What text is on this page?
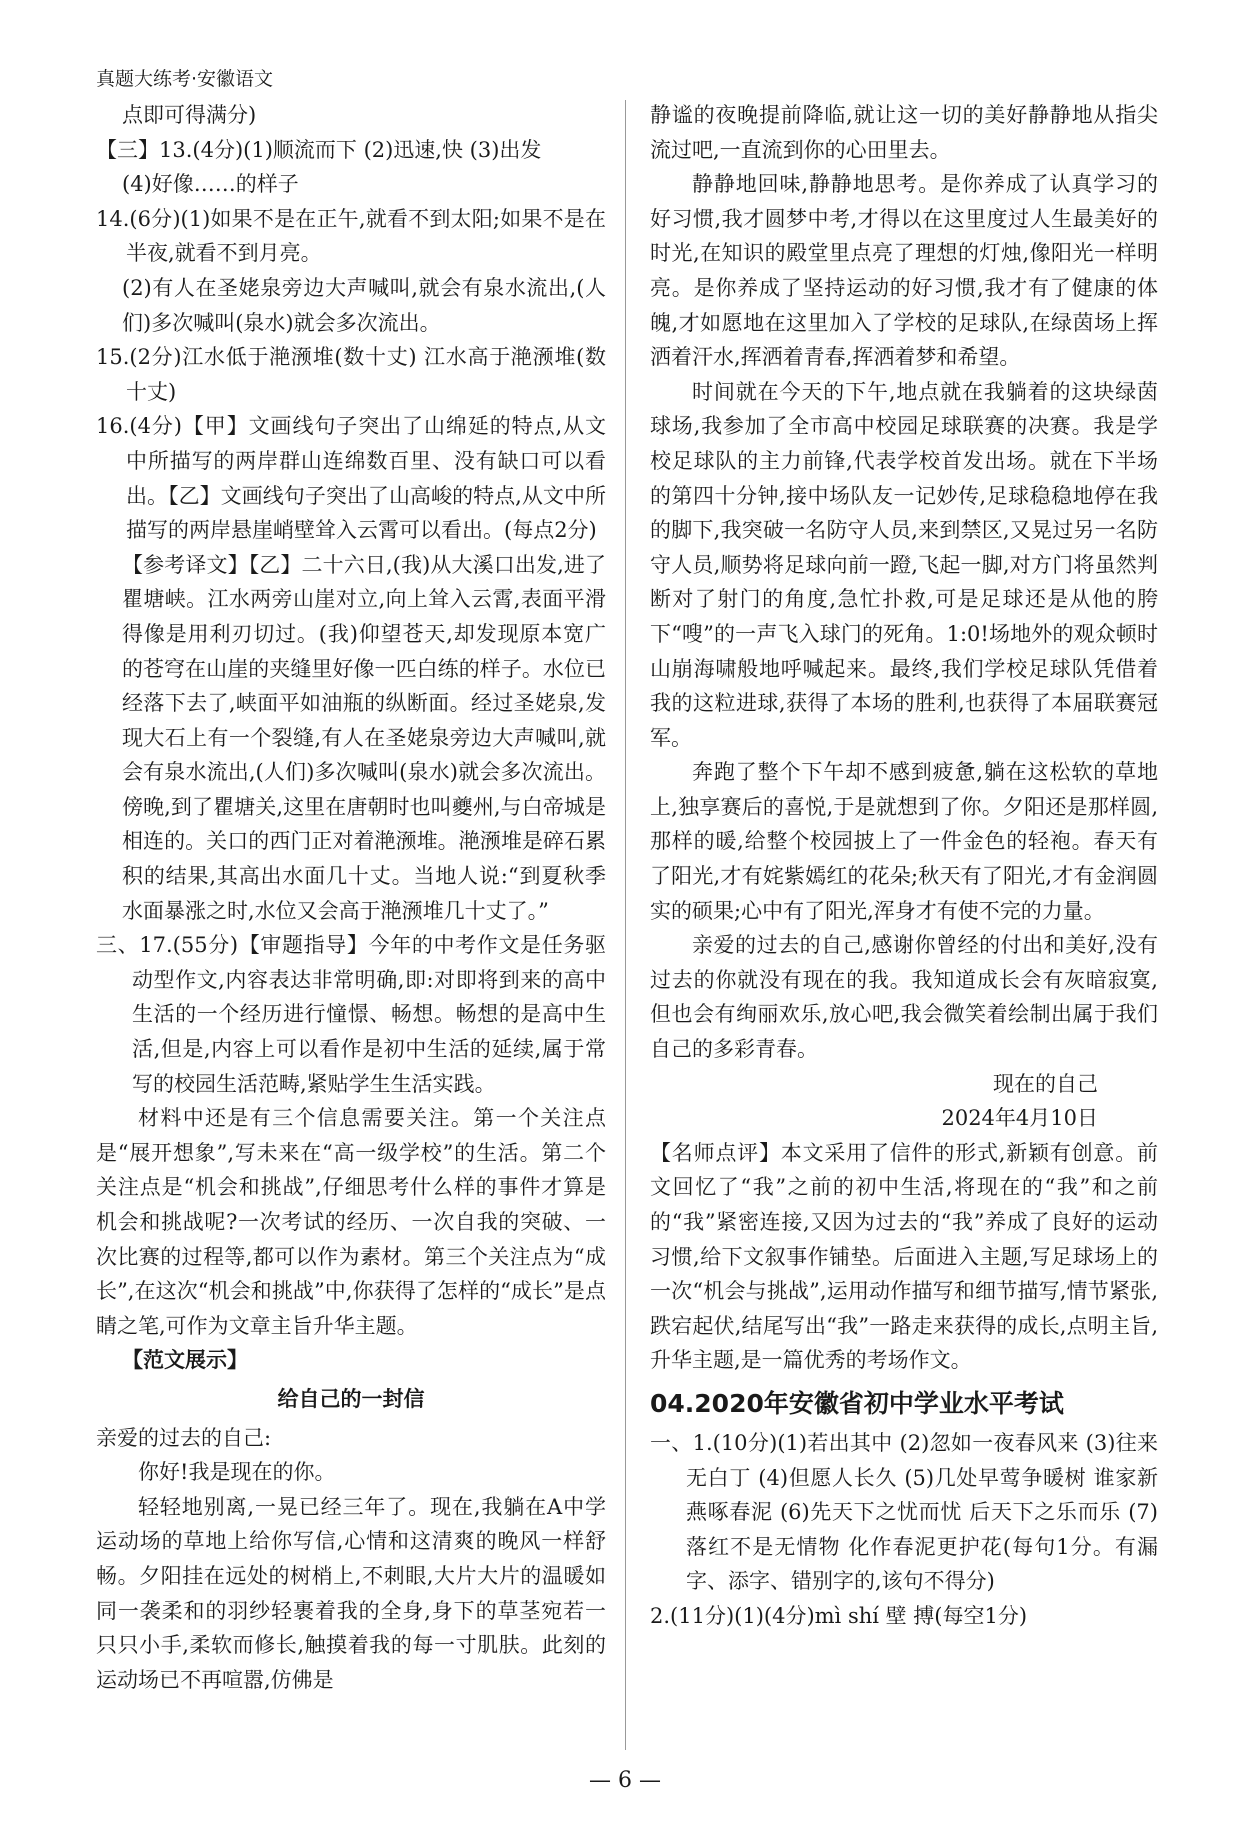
真题大练考·安徽语文

点即可得满分)

【三】13.(4分)(1)顺流而下 (2)迅速,快 (3)出发

(4)好像……的样子

14.(6分)(1)如果不是在正午,就看不到太阳;如果不是在半夜,就看不到月亮。

(2)有人在圣姥泉旁边大声喊叫,就会有泉水流出,(人们)多次喊叫(泉水)就会多次流出。

15.(2分)江水低于滟滪堆(数十丈) 江水高于滟滪堆(数十丈)

16.(4分)【甲】文画线句子突出了山绵延的特点,从文中所描写的两岸群山连绵数百里、没有缺口可以看出。【乙】文画线句子突出了山高峻的特点,从文中所描写的两岸悬崖峭壁耸入云霄可以看出。(每点2分)

【参考译文】【乙】二十六日,(我)从大溪口出发,进了瞿塘峡。江水两旁山崖对立,向上耸入云霄,表面平滑得像是用利刃切过。(我)仰望苍天,却发现原本宽广的苍穹在山崖的夹缝里好像一匹白练的样子。水位已经落下去了,峡面平如油瓶的纵断面。经过圣姥泉,发现大石上有一个裂缝,有人在圣姥泉旁边大声喊叫,就会有泉水流出,(人们)多次喊叫(泉水)就会多次流出。傍晚,到了瞿塘关,这里在唐朝时也叫夔州,与白帝城是相连的。关口的西门正对着滟滪堆。滟滪堆是碎石累积的结果,其高出水面几十丈。当地人说:“到夏秋季水面暴涨之时,水位又会高于滟滪堆几十丈了。”

三、17.(55分)【审题指导】今年的中考作文是任务驱动型作文,内容表达非常明确,即:对即将到来的高中生活的一个经历进行憧憬、畅想。畅想的是高中生活,但是,内容上可以看作是初中生活的延续,属于常写的校园生活范畴,紧贴学生生活实践。

材料中还是有三个信息需要关注。第一个关注点是“展开想象”,写未来在“高一级学校”的生活。第二个关注点是“机会和挑战”,仔细思考什么样的事件才算是机会和挑战呢?一次考试的经历、一次自我的突破、一次比赛的过程等,都可以作为素材。第三个关注点为“成长”,在这次“机会和挑战”中,你获得了怎样的“成长”是点睛之笔,可作为文章主旨升华主题。

【范文展示】

给自己的一封信

亲爱的过去的自己:

你好!我是现在的你。

轻轻地别离,一晃已经三年了。现在,我躺在A中学运动场的草地上给你写信,心情和这清爽的晚风一样舒畅。夕阳挂在远处的树梢上,不刺眼,大片大片的温暖如同一袭柔和的羽纱轻裹着我的全身,身下的草茎宛若一只只小手,柔软而修长,触摸着我的每一寸肌肤。此刻的运动场已不再喧嚣,仿佛是

静谧的夜晚提前降临,就让这一切的美好静静地从指尖流过吧,一直流到你的心田里去。

静静地回味,静静地思考。是你养成了认真学习的好习惯,我才圆梦中考,才得以在这里度过人生最美好的时光,在知识的殿堂里点亮了理想的灯烛,像阳光一样明亮。是你养成了坚持运动的好习惯,我才有了健康的体魄,才如愿地在这里加入了学校的足球队,在绿茵场上挥洒着汗水,挥洒着青春,挥洒着梦和希望。

时间就在今天的下午,地点就在我躺着的这块绿茵球场,我参加了全市高中校园足球联赛的决赛。我是学校足球队的主力前锋,代表学校首发出场。就在下半场的第四十分钟,接中场队友一记妙传,足球稳稳地停在我的脚下,我突破一名防守人员,来到禁区,又晃过另一名防守人员,顺势将足球向前一蹬,飞起一脚,对方门将虽然判断对了射门的角度,急忙扑救,可是足球还是从他的胯下“嗖”的一声飞入球门的死角。1:0!场地外的观众顿时山崩海啸般地呼喊起来。最终,我们学校足球队凭借着我的这粒进球,获得了本场的胜利,也获得了本届联赛冠军。

奔跑了整个下午却不感到疲惫,躺在这松软的草地上,独享赛后的喜悦,于是就想到了你。夕阳还是那样圆,那样的暖,给整个校园披上了一件金色的轻袍。春天有了阳光,才有姹紫嫣红的花朵;秋天有了阳光,才有金润圆实的硕果;心中有了阳光,浑身才有使不完的力量。

亲爱的过去的自己,感谢你曾经的付出和美好,没有过去的你就没有现在的我。我知道成长会有灰暗寂寞,但也会有绚丽欢乐,放心吧,我会微笑着绘制出属于我们自己的多彩青春。

现在的自己

2024年4月10日

【名师点评】本文采用了信件的形式,新颖有创意。前文回忆了“我”之前的初中生活,将现在的“我”和之前的“我”紧密连接,又因为过去的“我”养成了良好的运动习惯,给下文叙事作铺垫。后面进入主题,写足球场上的一次“机会与挑战”,运用动作描写和细节描写,情节紧张,跌宕起伏,结尾写出“我”一路走来获得的成长,点明主旨,升华主题,是一篇优秀的考场作文。

04.2020年安徽省初中学业水平考试

一、1.(10分)(1)若出其中 (2)忽如一夜春风来 (3)往来无白丁 (4)但愿人长久 (5)几处早莺争暖树 谁家新燕啄春泥 (6)先天下之忧而忧 后天下之乐而乐 (7)落红不是无情物 化作春泥更护花(每句1分。有漏字、添字、错别字的,该句不得分)

2.(11分)(1)(4分)mì shí 壁 搏(每空1分)

— 6 —
